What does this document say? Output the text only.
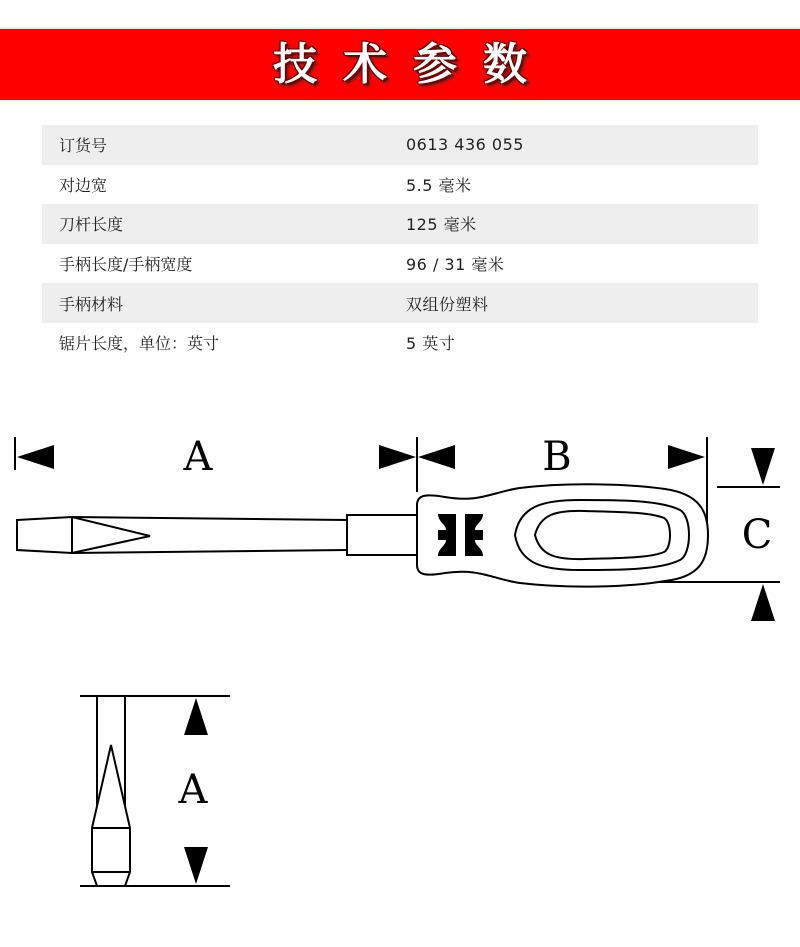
技术参数
订货号	0613 436 055
对边宽	5.5 毫米
刀杆长度	125 毫米
手柄长度/手柄宽度	96 / 31 毫米
手柄材料	双组份塑料
锯片长度，单位：英寸	5 英寸
A	B
C
A
